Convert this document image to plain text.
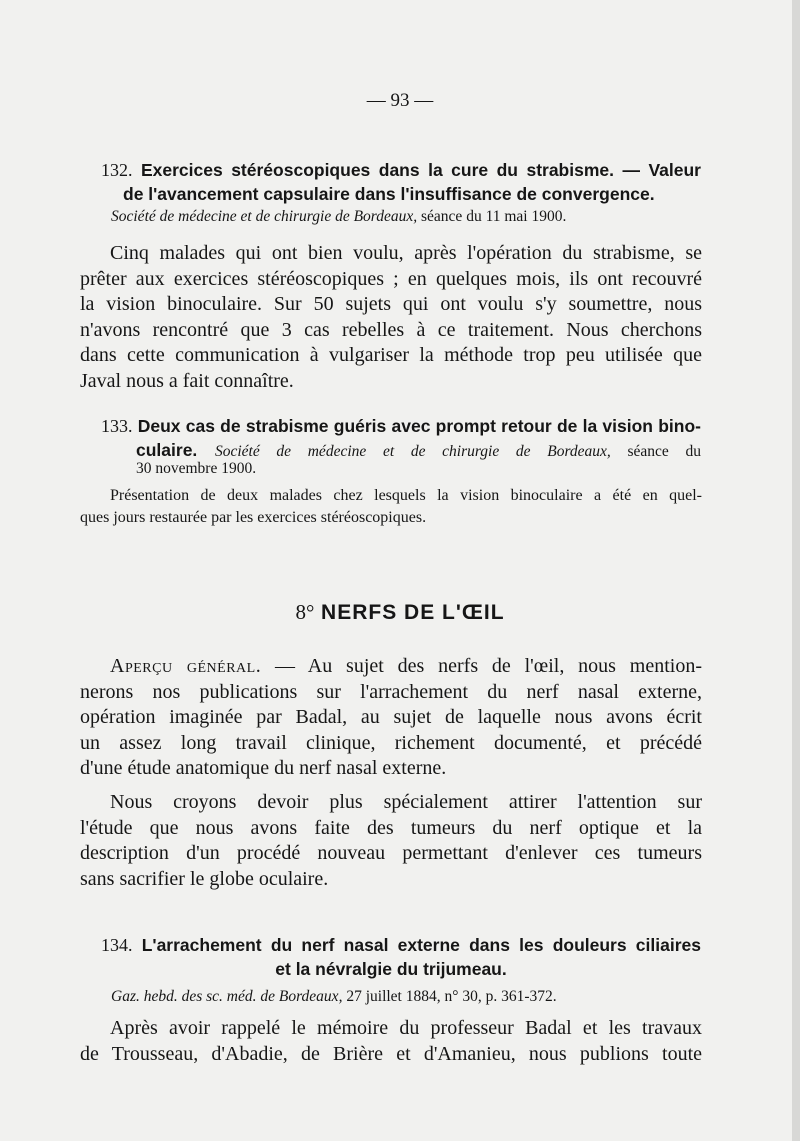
— 93 —
132. Exercices stéréoscopiques dans la cure du strabisme. — Valeur
de l'avancement capsulaire dans l'insuffisance de convergence.
Société de médecine et de chirurgie de Bordeaux, séance du 11 mai 1900.
Cinq malades qui ont bien voulu, après l'opération du strabisme, se
prêter aux exercices stéréoscopiques ; en quelques mois, ils ont recouvré
la vision binoculaire. Sur 50 sujets qui ont voulu s'y soumettre, nous
n'avons rencontré que 3 cas rebelles à ce traitement. Nous cherchons
dans cette communication à vulgariser la méthode trop peu utilisée que
Javal nous a fait connaître.
133. Deux cas de strabisme guéris avec prompt retour de la vision bino-
culaire. Société de médecine et de chirurgie de Bordeaux, séance du
30 novembre 1900.
Présentation de deux malades chez lesquels la vision binoculaire a été en quel-
ques jours restaurée par les exercices stéréoscopiques.
8° NERFS DE L'ŒIL
Aperçu général. — Au sujet des nerfs de l'œil, nous mention-
nerons nos publications sur l'arrachement du nerf nasal externe,
opération imaginée par Badal, au sujet de laquelle nous avons écrit
un assez long travail clinique, richement documenté, et précédé
d'une étude anatomique du nerf nasal externe.
Nous croyons devoir plus spécialement attirer l'attention sur
l'étude que nous avons faite des tumeurs du nerf optique et la
description d'un procédé nouveau permettant d'enlever ces tumeurs
sans sacrifier le globe oculaire.
134. L'arrachement du nerf nasal externe dans les douleurs ciliaires
et la névralgie du trijumeau.
Gaz. hebd. des sc. méd. de Bordeaux, 27 juillet 1884, n° 30, p. 361-372.
Après avoir rappelé le mémoire du professeur Badal et les travaux
de Trousseau, d'Abadie, de Brière et d'Amanieu, nous publions toute
